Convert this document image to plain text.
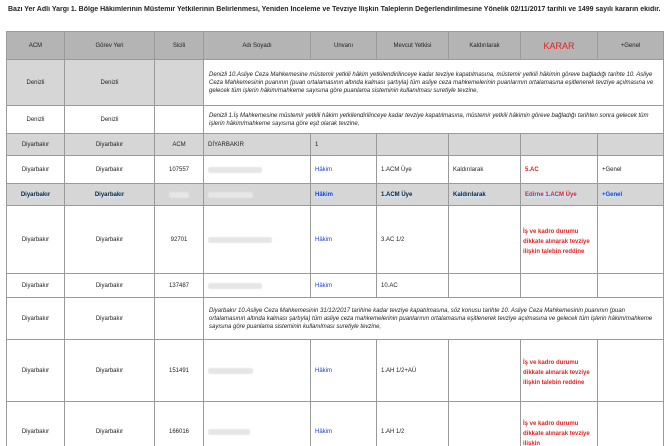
Bazı Yer Adli Yargı 1. Bölge Hâkimlerinin Müstemir Yetkilerinin Belirlenmesi, Yeniden İnceleme ve Tevziye İlişkin Taleplerin Değerlendirilmesine Yönelik 02/11/2017 tarihli ve 1499 sayılı kararın ekidir.
ACM	Görev Yeri	Sicili	Adı Soyadı	Unvanı	Mevcut Yetkisi	Kaldırılarak	KARAR	+Genel
Denizli	Denizli		Denizli 10.Asliye Ceza Mahkemesine müstemir yetkili hâkim yetkilendirilinceye kadar tevziye kapatılmasına, müstemir yetkili hâkimin göreve bağladığı tarihte 10. Asliye Ceza Mahkemesinin puanının (puan ortalamasının altında kalması şartıyla) tüm asliye ceza mahkemelerinin puanlarının ortalamasına eşitlenerek tevziye açılmasına ve gelecek tüm işlerin hâkim/mahkeme sayısına göre puanlama sisteminin kullanılması suretiyle tevzine,					
Denizli	Denizli		Denizli 1.İş Mahkemesine müstemir yetkili hâkim yetkilendirilinceye kadar tevziye kapatılmasına, müstemir yetkili hâkimin göreve bağladığı tarihten sonra gelecek tüm işlerin hâkim/mahkeme sayısına göre eşit olarak tevzine,					
Diyarbakır	Diyarbakır	ACM	DİYARBAKIR	1				
Diyarbakır	Diyarbakır	107557		Hâkim	1.ACM Üye	Kaldırılarak	5.AC	+Genel
Diyarbakır	Diyarbakır			Hâkim	1.ACM Üye	Kaldırılarak	Edirne 1.ACM Üye	+Genel
Diyarbakır	Diyarbakır	92701		Hâkim	3.AC 1/2		İş ve kadro durumu dikkate alınarak tevziye ilişkin talebin reddine	
Diyarbakır	Diyarbakır	137487		Hâkim	10.AC			
Diyarbakır	Diyarbakır		Diyarbakır 10.Asliye Ceza Mahkemesinin 31/12/2017 tarihine kadar tevziye kapatılmasına, söz konusu tarihte 10. Asliye Ceza Mahkemesinin puanının (puan ortalamasının altında kalması şartıyla) tüm asliye ceza mahkemelerinin puanlarının ortalamasına eşitlenerek tevziye açılmasına ve gelecek tüm işlerin hâkim/mahkeme sayısına göre puanlama sisteminin kullanılması suretiyle tevzine,					
Diyarbakır	Diyarbakır	151491		Hâkim	1.AH 1/2+AÜ		İş ve kadro durumu dikkate alınarak tevziye ilişkin talebin reddine	
Diyarbakır	Diyarbakır	166016		Hâkim	1.AH 1/2		İş ve kadro durumu dikkate alınarak tevziye ilişkin	
